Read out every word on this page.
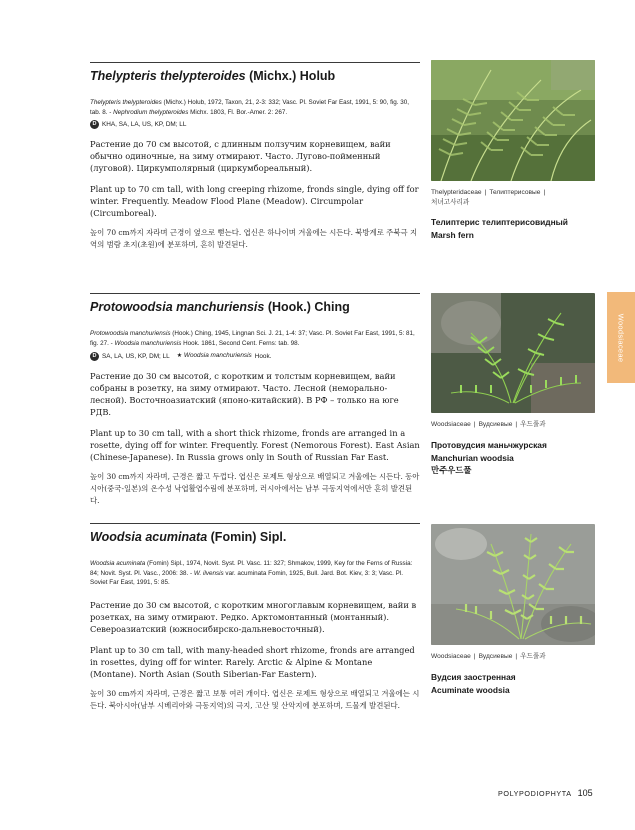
Thelypteris thelypteroides (Michx.) Holub
Thelypteris thelypteroides (Michx.) Holub, 1972, Taxon, 21, 2-3: 332; Vasc. Pl. Soviet Far East, 1991, 5: 90, fig. 30, tab. 8. - Nephrodium thelypteroides Michx. 1803, Fl. Bor.-Amer. 2: 267.
D KHA, SA, LA, US, KP, DM; LL

Растение до 70 см высотой, с длинным ползучим корневищем, вайи обычно одиночные, на зиму отмирают. Часто. Лугово-пойменный (луговой). Циркумполярный (циркумбореальный).

Plant up to 70 cm tall, with long creeping rhizome, fronds single, dying off for winter. Frequently. Meadow Flood Plane (Meadow). Circumpolar (Circumboreal).

높이 70 cm까지 자라며 근경이 옆으로 뻗는다. 엽신은 하나이며 겨울에는 시든다. 북방계로 주북극 지역의 범람 초지(초원)에 분포하며, 흔히 발견된다.

Thelypteridaceae | Телиптерисовые |
처녀고사리과
Телиптерис телиптерисовидный
Marsh fern
Protowoodsia manchuriensis (Hook.) Ching
Protowoodsia manchuriensis (Hook.) Ching, 1945, Lingnan Sci. J. 21, 1-4: 37; Vasc. Pl. Soviet Far East, 1991, 5: 81, fig. 27. - Woodsia manchuriensis Hook. 1861, Second Cent. Ferns: tab. 98.
D SA, LA, US, KP, DM; LL ★ Woodsia manchuriensis Hook.

Растение до 30 см высотой, с коротким и толстым корневищем, вайи собраны в розетку, на зиму отмирают. Часто. Лесной (неморально-лесной). Восточноазиатский (японо-китайский). В РФ – только на юге РДВ.

Plant up to 30 cm tall, with a short thick rhizome, fronds are arranged in a rosette, dying off for winter. Frequently. Forest (Nemorous Forest). East Asian (Chinese-Japanese). In Russia grows only in South of Russian Far East.

높이 30 cm까지 자라며, 근경은 짧고 두껍다. 엽신은 로제트 형상으로 배열되고 겨울에는 시든다. 동아시아(중국-일본)의 온수성 낙엽활엽수림에 분포하며, 러시아에서는 남부 극동지역에서만 흔히 발견된다.

Woodsiaceae | Вудсиевые | 우드풀과
Протовудсия маньчжурская
Manchurian woodsia
만주우드풀
Woodsia acuminata (Fomin) Sipl.
Woodsia acuminata (Fomin) Sipl., 1974, Novit. Syst. Pl. Vasc. 11: 327; Shmakov, 1999, Key for the Ferns of Russia: 84; Novit. Syst. Pl. Vasc., 2006: 38. - W. ilvensis var. acuminata Fomin, 1925, Bull. Jard. Bot. Kiev, 3: 3; Vasc. Pl. Soviet Far East, 1991, 5: 85.

Растение до 30 см высотой, с коротким многоглавым корневищем, вайи в розетках, на зиму отмирают. Редко. Арктомонтанный (монтанный). Североазиатский (южносибирско-дальневосточный).

Plant up to 30 cm tall, with many-headed short rhizome, fronds are arranged in rosettes, dying off for winter. Rarely. Arctic & Alpine & Montane (Montane). North Asian (South Siberian-Far Eastern).

높이 30 cm까지 자라며, 근경은 짧고 보통 여러 개이다. 엽신은 로제트 형상으로 배열되고 겨울에는 시든다. 북아시아(남부 시베리아와 극동지역)의 극지, 고산 및 산악지에 분포하며, 드물게 발견된다.

Woodsiaceae | Вудсиевые | 우드풀과
Вудсия заостренная
Acuminate woodsia
Woodsiaceae
POLYPODIOPHYTA 105
